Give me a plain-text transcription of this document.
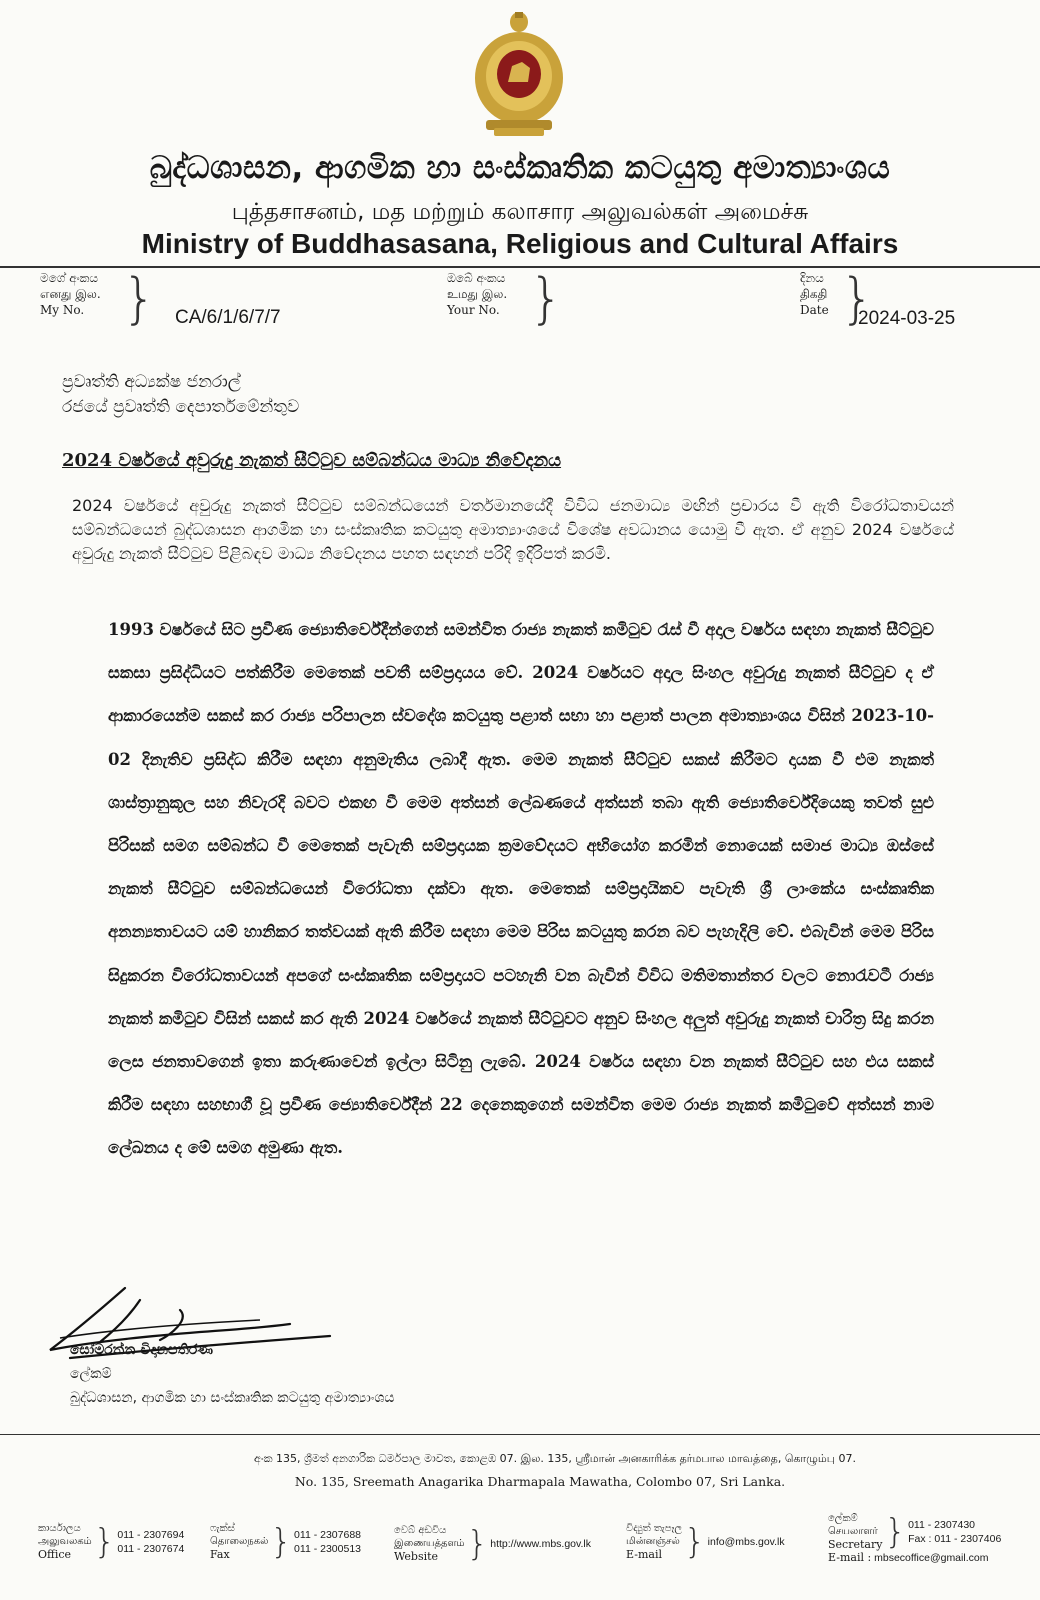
බුද්ධශාසන, ආගමික හා සංස්කෘතික කටයුතු අමාත්‍යාංශය
புத்தசாசனம், மத மற்றும் கலாசார அலுவல்கள் அமைச்சு
Ministry of Buddhasasana, Religious and Cultural Affairs
මගේ අංකය
எனது இல.
My No. } CA/6/1/6/7/7
ඔබේ අංකය
உமது இல.
Your No. }	දිනය
திகதி
Date }
2024-03-25
ප්‍රවෘත්ති අධ්‍යක්ෂ ජනරාල්
රජයේ ප්‍රවෘත්ති දෙපාර්තමේන්තුව
2024 වර්ෂයේ අවුරුදු නැකත් සීට්ටුව සම්බන්ධය මාධ්‍ය නිවේදනය
2024 වර්ෂයේ අවුරුදු නැකත් සීට්ටුව සම්බන්ධයෙන් වර්තමානයේදී විවිධ ජනමාධ්‍ය මඟින් ප්‍රචාරය වී ඇති විරෝධතාවයන් සම්බන්ධයෙන් බුද්ධශාසන ආගමික හා සංස්කෘතික කටයුතු අමාත්‍යාංශයේ විශේෂ අවධානය යොමු වී ඇත. ඒ අනුව 2024 වර්ෂයේ අවුරුදු නැකත් සීට්ටුව පිළිබඳව මාධ්‍ය නිවේදනය පහත සඳහන් පරිදි ඉදිරිපත් කරමි.
1993 වර්ෂයේ සිට ප්‍රවීණ ජ්‍යොතිර්වේදීන්ගෙන් සමන්විත රාජ්‍ය නැකත් කමිටුව රැස් වී අදාල වර්ෂය සඳහා නැකත් සීට්ටුව සකසා ප්‍රසිද්ධියට පත්කිරීම මෙතෙක් පවතී සම්ප්‍රදායය වේ. 2024 වර්ෂයට අදාල සිංහල අවුරුදු නැකත් සීට්ටුව ද ඒ ආකාරයෙන්ම සකස් කර රාජ්‍ය පරිපාලන ස්වදේශ කටයුතු පළාත් සභා හා පළාත් පාලන අමාත්‍යාංශය විසින් 2023-10-02 දිනැතිව ප්‍රසිද්ධ කිරීම සඳහා අනුමැතිය ලබාදී ඇත. මෙම නැකත් සීට්ටුව සකස් කිරීමට දායක වී එම නැකත් ශාස්ත්‍රානුකූල සහ නිවැරදි බවට එකඟ වී මෙම අත්සන් ලේඛණයේ අත්සන් තබා ඇති ජ්‍යොතිර්වේදියෙකු තවත් සුළු පිරිසක් සමග සම්බන්ධ වී මෙතෙක් පැවැති සම්ප්‍රදායක ක්‍රමවේදයට අභියෝග කරමින් නොයෙක් සමාජ මාධ්‍ය ඔස්සේ නැකත් සීට්ටුව සම්බන්ධයෙන් විරෝධතා දක්වා ඇත. මෙතෙක් සම්ප්‍රදායිකව පැවැති ශ්‍රී ලාංකේය සංස්කෘතික අනන්‍යතාවයට යම් හානිකර තත්වයක් ඇති කිරීම සඳහා මෙම පිරිස කටයුතු කරන බව පැහැදිලි වේ. එබැවින් මෙම පිරිස සිදුකරන විරෝධතාවයන් අපගේ සංස්කෘතික සම්ප්‍රදායට පටහැනි වන බැවින් විවිධ මතිමතාන්තර වලට නොරැවටී රාජ්‍ය නැකත් කමිටුව විසින් සකස් කර ඇති 2024 වර්ෂයේ නැකත් සීට්ටුවට අනුව සිංහල අලුත් අවුරුදු නැකත් චාරිත්‍ර සිදු කරන ලෙස ජනතාවගෙන් ඉතා කරුණාවෙන් ඉල්ලා සිටිනු ලැබේ. 2024 වර්ෂය සඳහා වන නැකත් සීට්ටුව සහ එය සකස් කිරීම සඳහා සහභාගී වූ ප්‍රවීණ ජ්‍යොතිර්වේදීන් 22 දෙනෙකුගෙන් සමන්විත මෙම රාජ්‍ය නැකත් කමිටුවේ අත්සන් නාම ලේඛනය ද මේ සමග අමුණා ඇත.
සෝමරත්න විදානපතිරණ
ලේකම්
බුද්ධශාසන, ආගමික හා සංස්කෘතික කටයුතු අමාත්‍යාංශය
අංක 135, ශ්‍රීමත් අනගාරික ධර්මපාල මාවත, කොළඹ 07. இல. 135, ஸ்ரீமான் அனகாரிக்க தர்மபால மாவத்தை, கொழும்பு 07.
No. 135, Sreemath Anagarika Dharmapala Mawatha, Colombo 07, Sri Lanka.
කාර්යාලය
அலுவலகம்
Office } 011 - 2307694
011 - 2307674
ෆැක්ස්
தொலைநகல்
Fax	} 011 - 2307688
011 - 2300513
වෙබ් අඩවිය
இணையத்தளம்
Website } http://www.mbs.gov.lk
විද්‍යුත් තැපෑල
மின்னஞ்சல்
E-mail } info@mbs.gov.lk
ලේකම්
செயலாளர்
Secretary } 011 - 2307430
Fax : 011 - 2307406
E-mail : mbsecoffice@gmail.com
